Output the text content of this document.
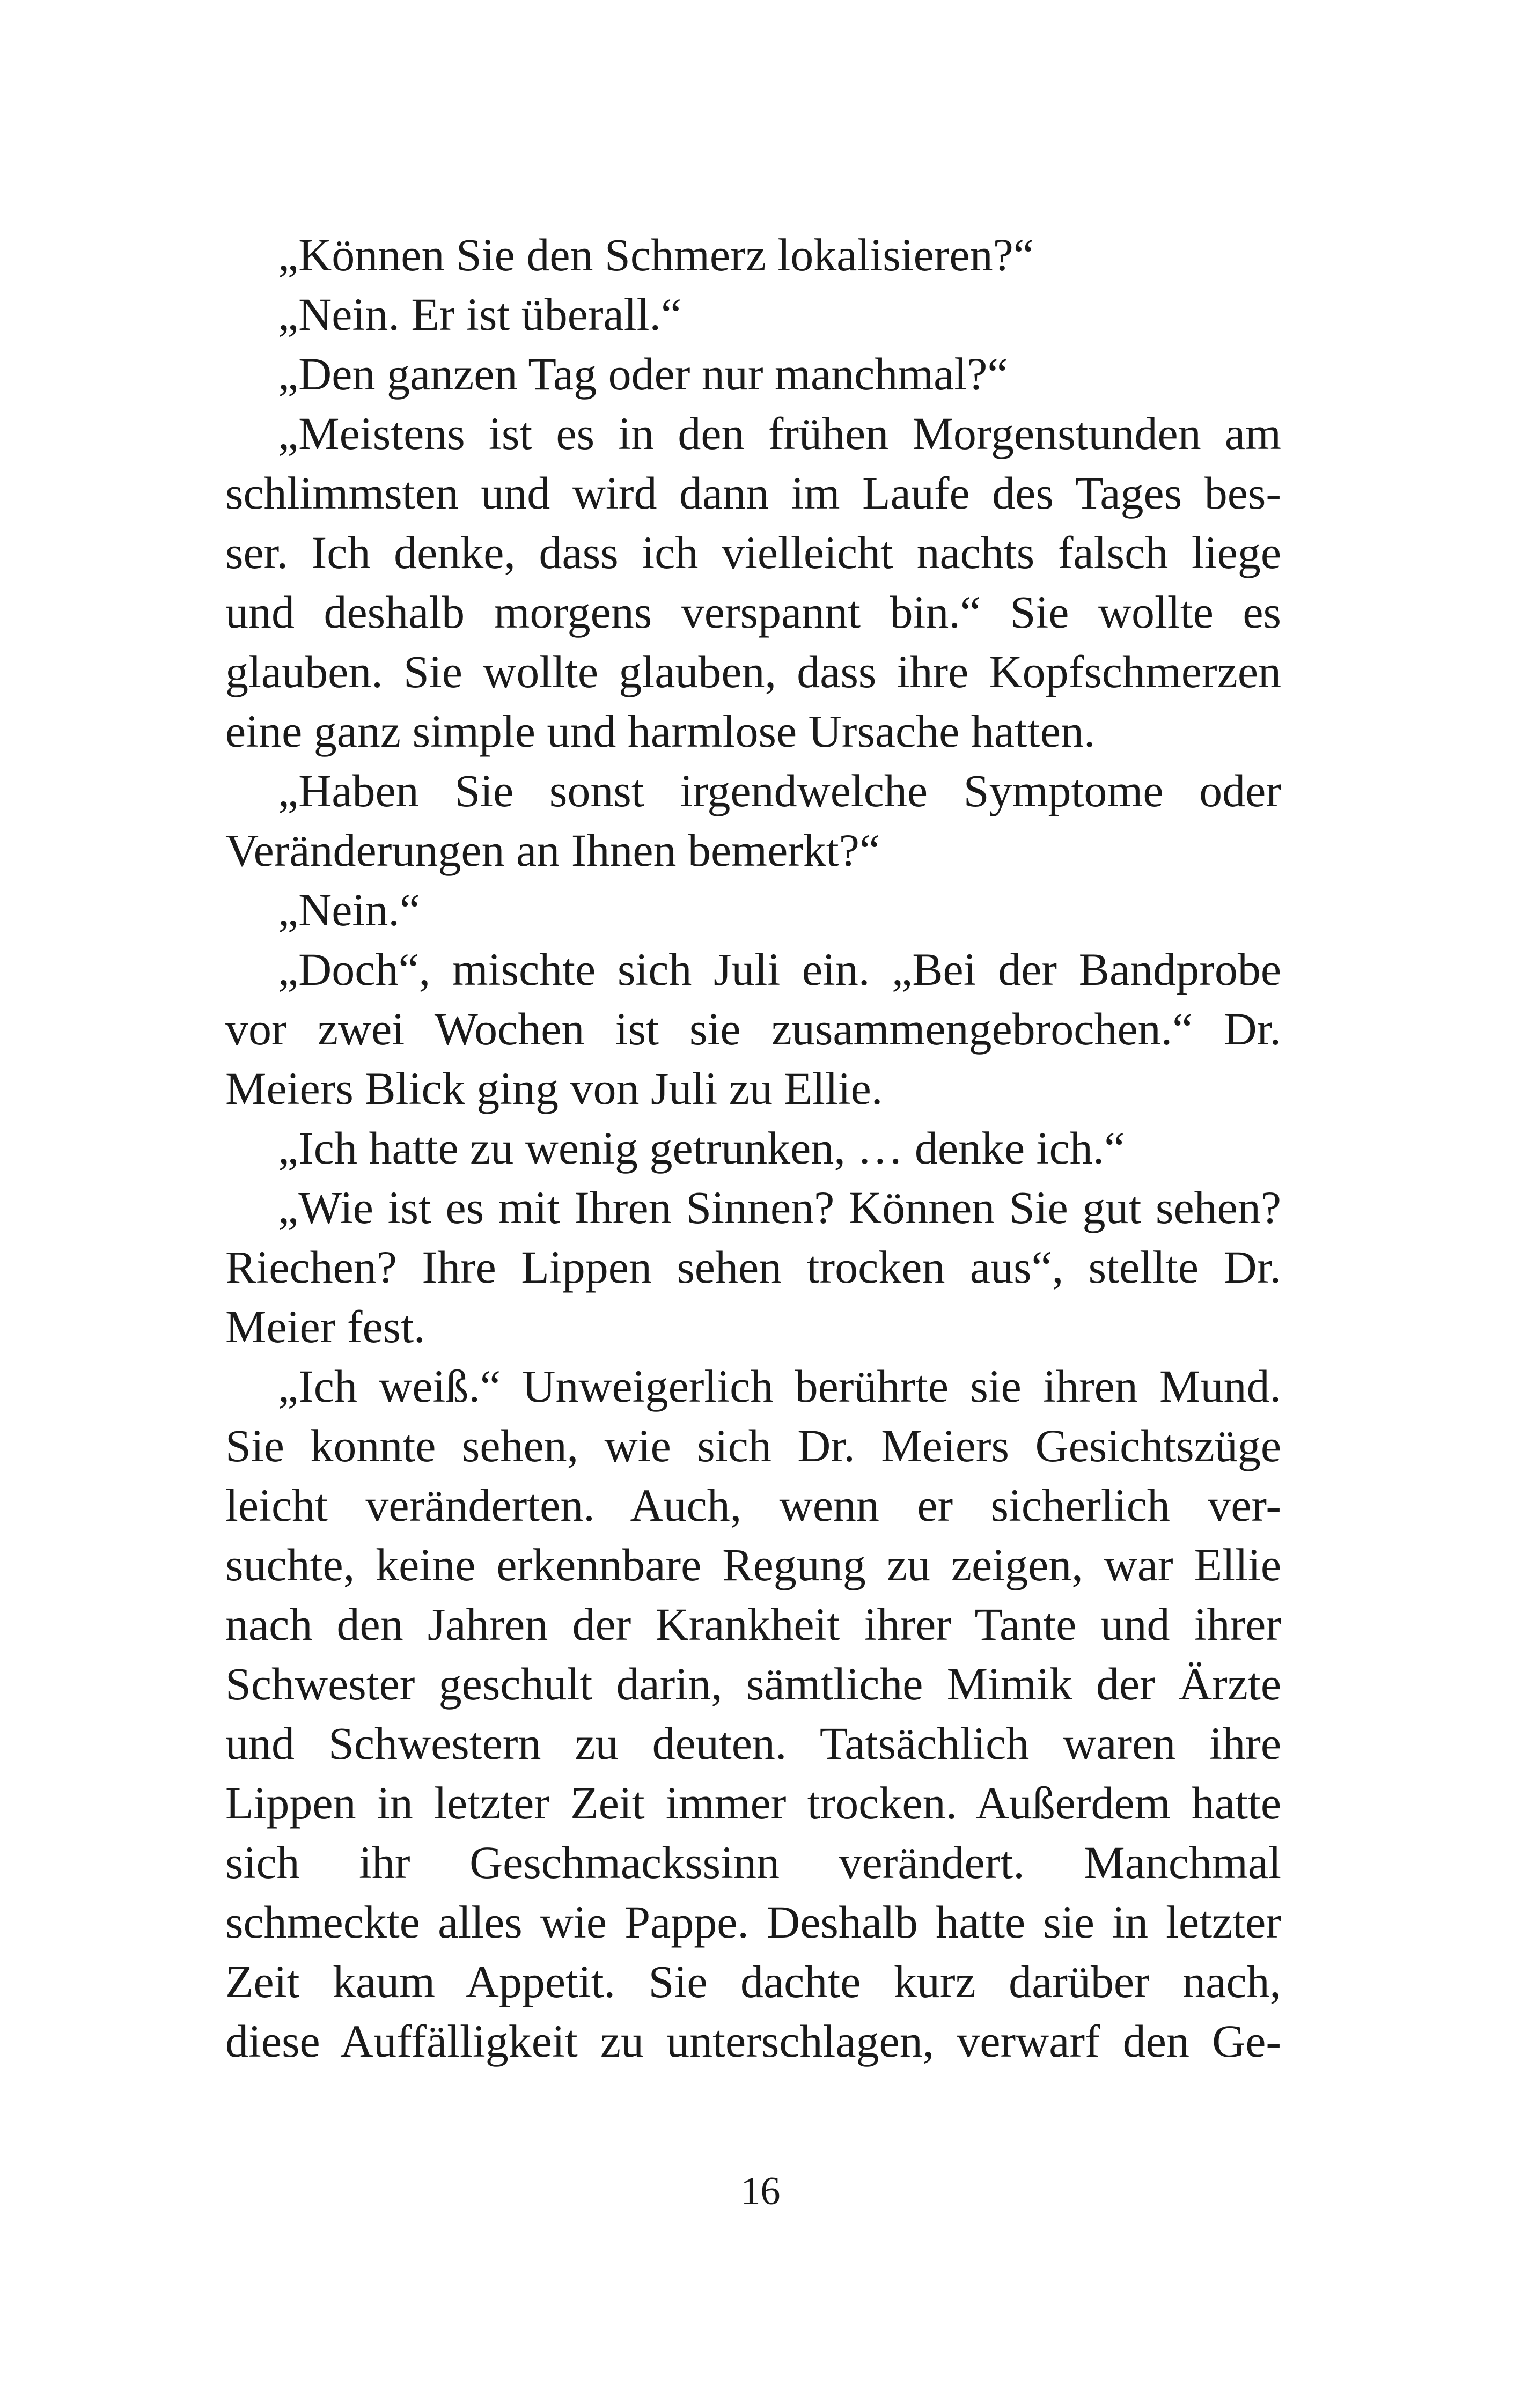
„Können Sie den Schmerz lokalisieren?“
„Nein. Er ist überall.“
„Den ganzen Tag oder nur manchmal?“
„Meistens ist es in den frühen Morgenstunden am
schlimmsten und wird dann im Laufe des Tages bes-
ser. Ich denke, dass ich vielleicht nachts falsch liege
und deshalb morgens verspannt bin.“ Sie wollte es
glauben. Sie wollte glauben, dass ihre Kopfschmerzen
eine ganz simple und harmlose Ursache hatten.
„Haben Sie sonst irgendwelche Symptome oder
Veränderungen an Ihnen bemerkt?“
„Nein.“
„Doch“, mischte sich Juli ein. „Bei der Bandprobe
vor zwei Wochen ist sie zusammengebrochen.“ Dr.
Meiers Blick ging von Juli zu Ellie.
„Ich hatte zu wenig getrunken, … denke ich.“
„Wie ist es mit Ihren Sinnen? Können Sie gut sehen?
Riechen? Ihre Lippen sehen trocken aus“, stellte Dr.
Meier fest.
„Ich weiß.“ Unweigerlich berührte sie ihren Mund.
Sie konnte sehen, wie sich Dr. Meiers Gesichtszüge
leicht veränderten. Auch, wenn er sicherlich ver-
suchte, keine erkennbare Regung zu zeigen, war Ellie
nach den Jahren der Krankheit ihrer Tante und ihrer
Schwester geschult darin, sämtliche Mimik der Ärzte
und Schwestern zu deuten. Tatsächlich waren ihre
Lippen in letzter Zeit immer trocken. Außerdem hatte
sich ihr Geschmackssinn verändert. Manchmal
schmeckte alles wie Pappe. Deshalb hatte sie in letzter
Zeit kaum Appetit. Sie dachte kurz darüber nach,
diese Auffälligkeit zu unterschlagen, verwarf den Ge-
16
